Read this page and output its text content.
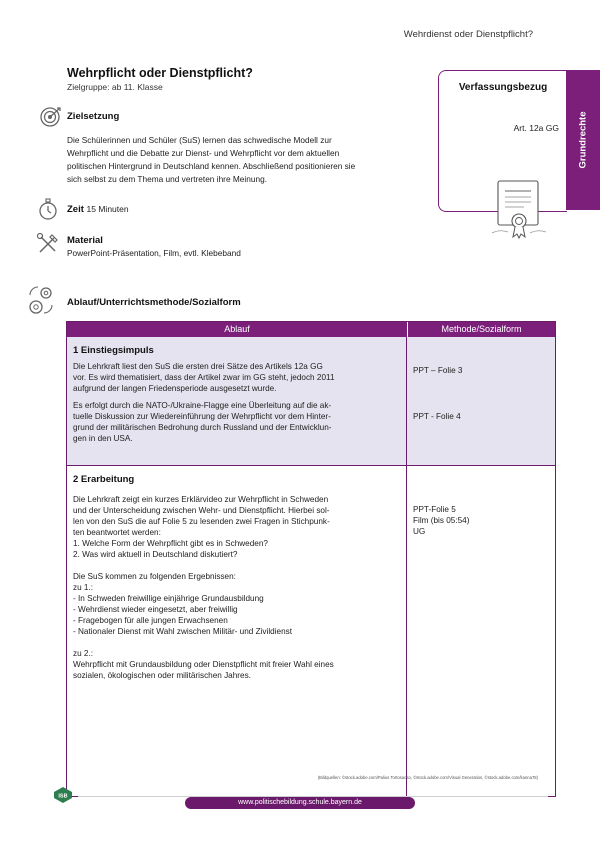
Wehrdienst oder Dienstpflicht?
Wehrpflicht oder Dienstpflicht?
Zielgruppe: ab 11. Klasse
Zielsetzung
Die Schülerinnen und Schüler (SuS) lernen das schwedische Modell zur
Wehrpflicht und die Debatte zur Dienst- und Wehrpflicht vor dem aktuellen
politischen Hintergrund in Deutschland kennen. Abschließend positionieren sie
sich selbst zu dem Thema und vertreten ihre Meinung.
Zeit 15 Minuten
Material
PowerPoint-Präsentation, Film, evtl. Klebeband
Ablauf/Unterrichtsmethode/Sozialform
Verfassungsbezug
Art. 12a GG Grundrechte
Ablauf	Methode/Sozialform
1 Einstiegsimpuls
Die Lehrkraft liest den SuS die ersten drei Sätze des Artikels 12a GG
vor. Es wird thematisiert, dass der Artikel zwar im GG steht, jedoch 2011
aufgrund der langen Friedensperiode ausgesetzt wurde.
Es erfolgt durch die NATO-/Ukraine-Flagge eine Überleitung auf die ak-
tuelle Diskussion zur Wiedereinführung der Wehrpflicht vor dem Hinter-
grund der militärischen Bedrohung durch Russland und der Entwicklun-
gen in den USA.
PPT – Folie 3
PPT - Folie 4
2 Erarbeitung
Die Lehrkraft zeigt ein kurzes Erklärvideo zur Wehrpflicht in Schweden
und der Unterscheidung zwischen Wehr- und Dienstpflicht. Hierbei sol-
len von den SuS die auf Folie 5 zu lesenden zwei Fragen in Stichpunk-
ten beantwortet werden:
1. Welche Form der Wehrpflicht gibt es in Schweden?
2. Was wird aktuell in Deutschland diskutiert?
Die SuS kommen zu folgenden Ergebnissen:
zu 1.:
- In Schweden freiwillige einjährige Grundausbildung
- Wehrdienst wieder eingesetzt, aber freiwillig
- Fragebogen für alle jungen Erwachsenen
- Nationaler Dienst mit Wahl zwischen Militär- und Zivildienst
zu 2.:
Wehrpflicht mit Grundausbildung oder Dienstpflicht mit freier Wahl eines
sozialen, ökologischen oder militärischen Jahres.
PPT-Folie 5
Film (bis 05:54)
UG
(Bildquellen: ©stock.adobe.com/Palius Tortosaoso, ©stock.adobe.com/Visual Generation, ©stock.adobe.com/kanna78)
ISB
www.politischebildung.schule.bayern.de
